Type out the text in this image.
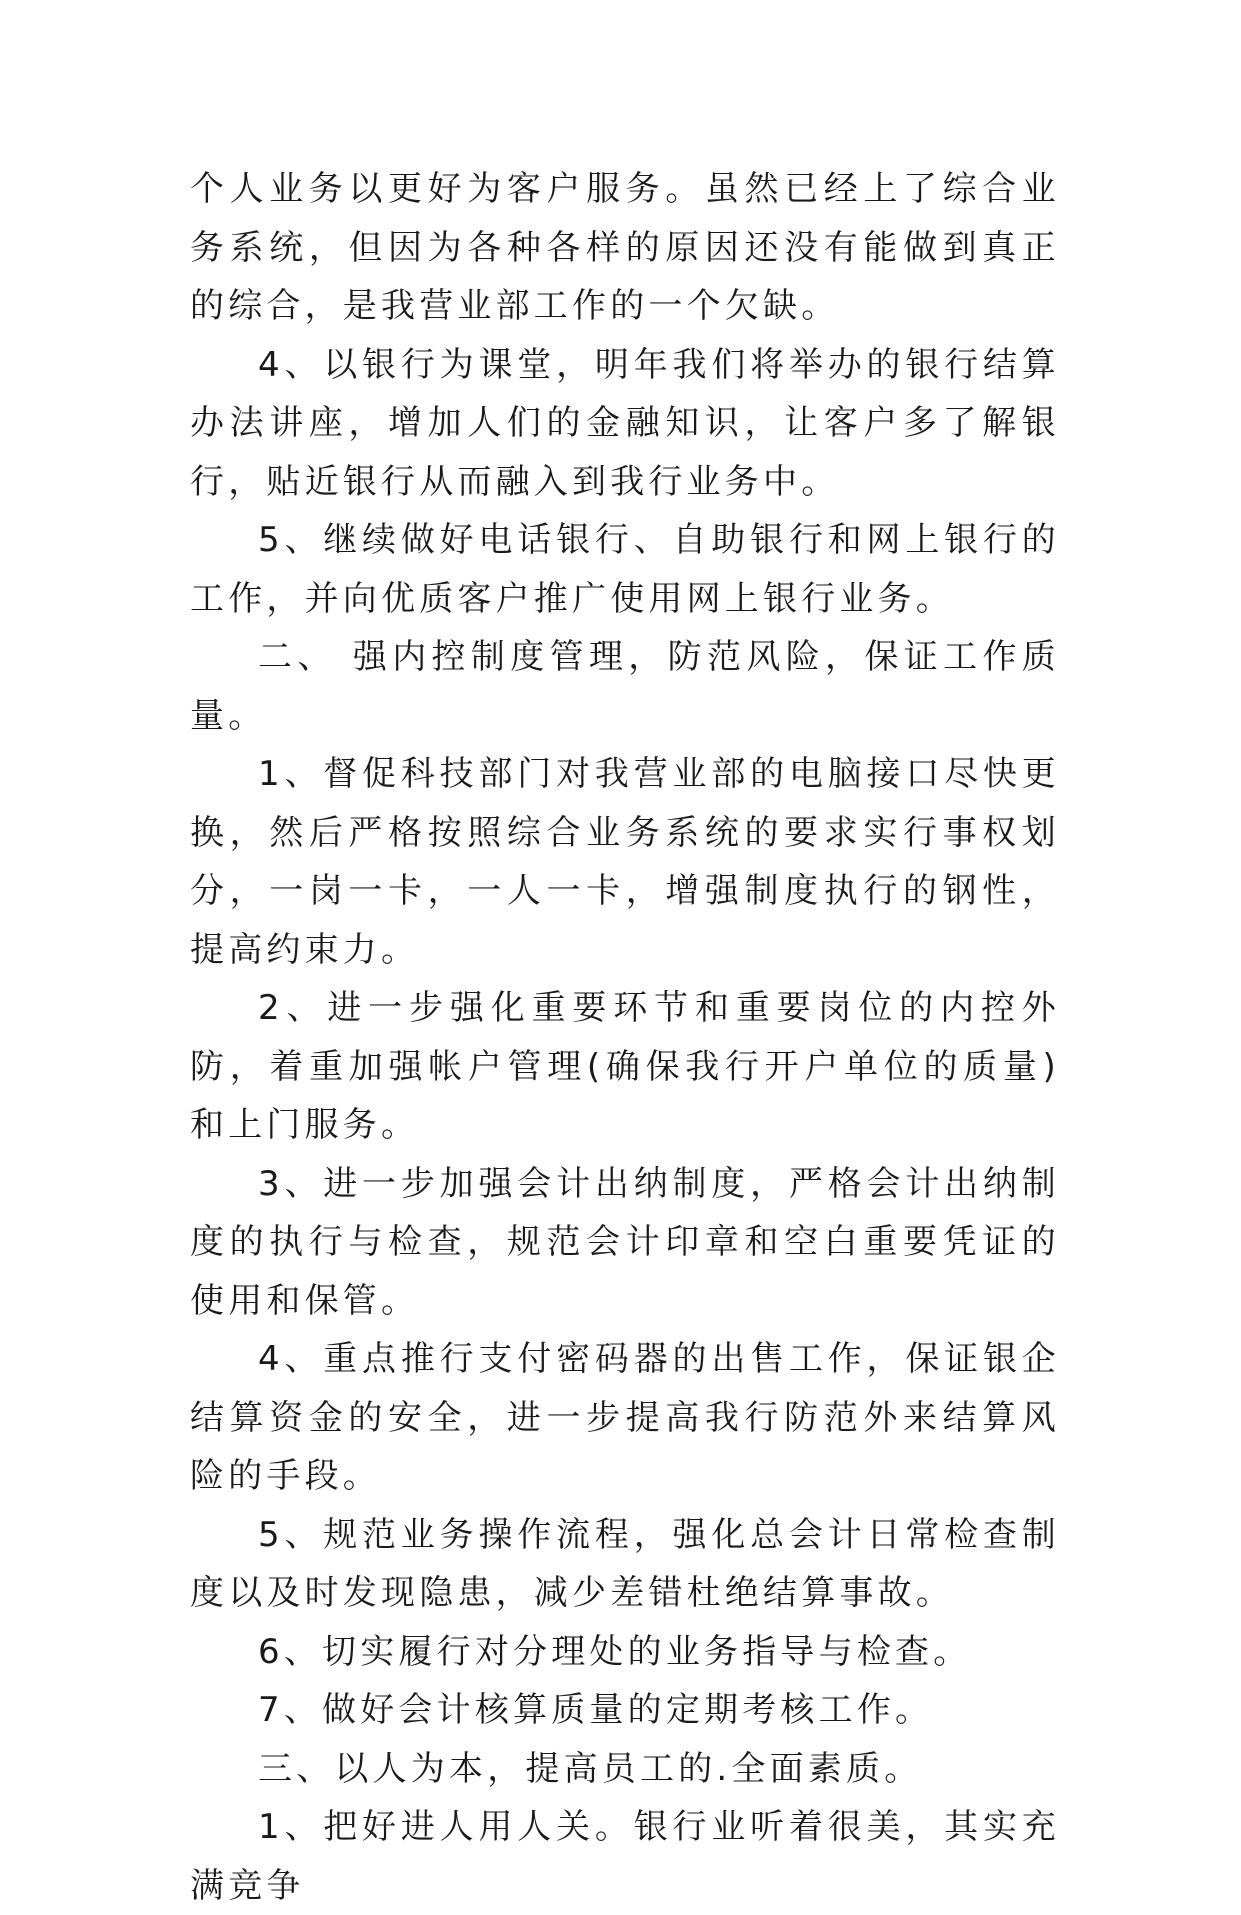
个人业务以更好为客户服务。虽然已经上了综合业务系统，但因为各种各样的原因还没有能做到真正的综合，是我营业部工作的一个欠缺。

4、以银行为课堂，明年我们将举办的银行结算办法讲座，增加人们的金融知识，让客户多了解银行，贴近银行从而融入到我行业务中。

5、继续做好电话银行、自助银行和网上银行的工作，并向优质客户推广使用网上银行业务。

二、 强内控制度管理，防范风险，保证工作质量。

1、督促科技部门对我营业部的电脑接口尽快更换，然后严格按照综合业务系统的要求实行事权划分，一岗一卡，一人一卡，增强制度执行的钢性，提高约束力。

2、进一步强化重要环节和重要岗位的内控外防，着重加强帐户管理(确保我行开户单位的质量)和上门服务。

3、进一步加强会计出纳制度，严格会计出纳制度的执行与检查，规范会计印章和空白重要凭证的使用和保管。

4、重点推行支付密码器的出售工作，保证银企结算资金的安全，进一步提高我行防范外来结算风险的手段。

5、规范业务操作流程，强化总会计日常检查制度以及时发现隐患，减少差错杜绝结算事故。

6、切实履行对分理处的业务指导与检查。

7、做好会计核算质量的定期考核工作。

三、以人为本，提高员工的.全面素质。

1、把好进人用人关。银行业听着很美，其实充满竞争
